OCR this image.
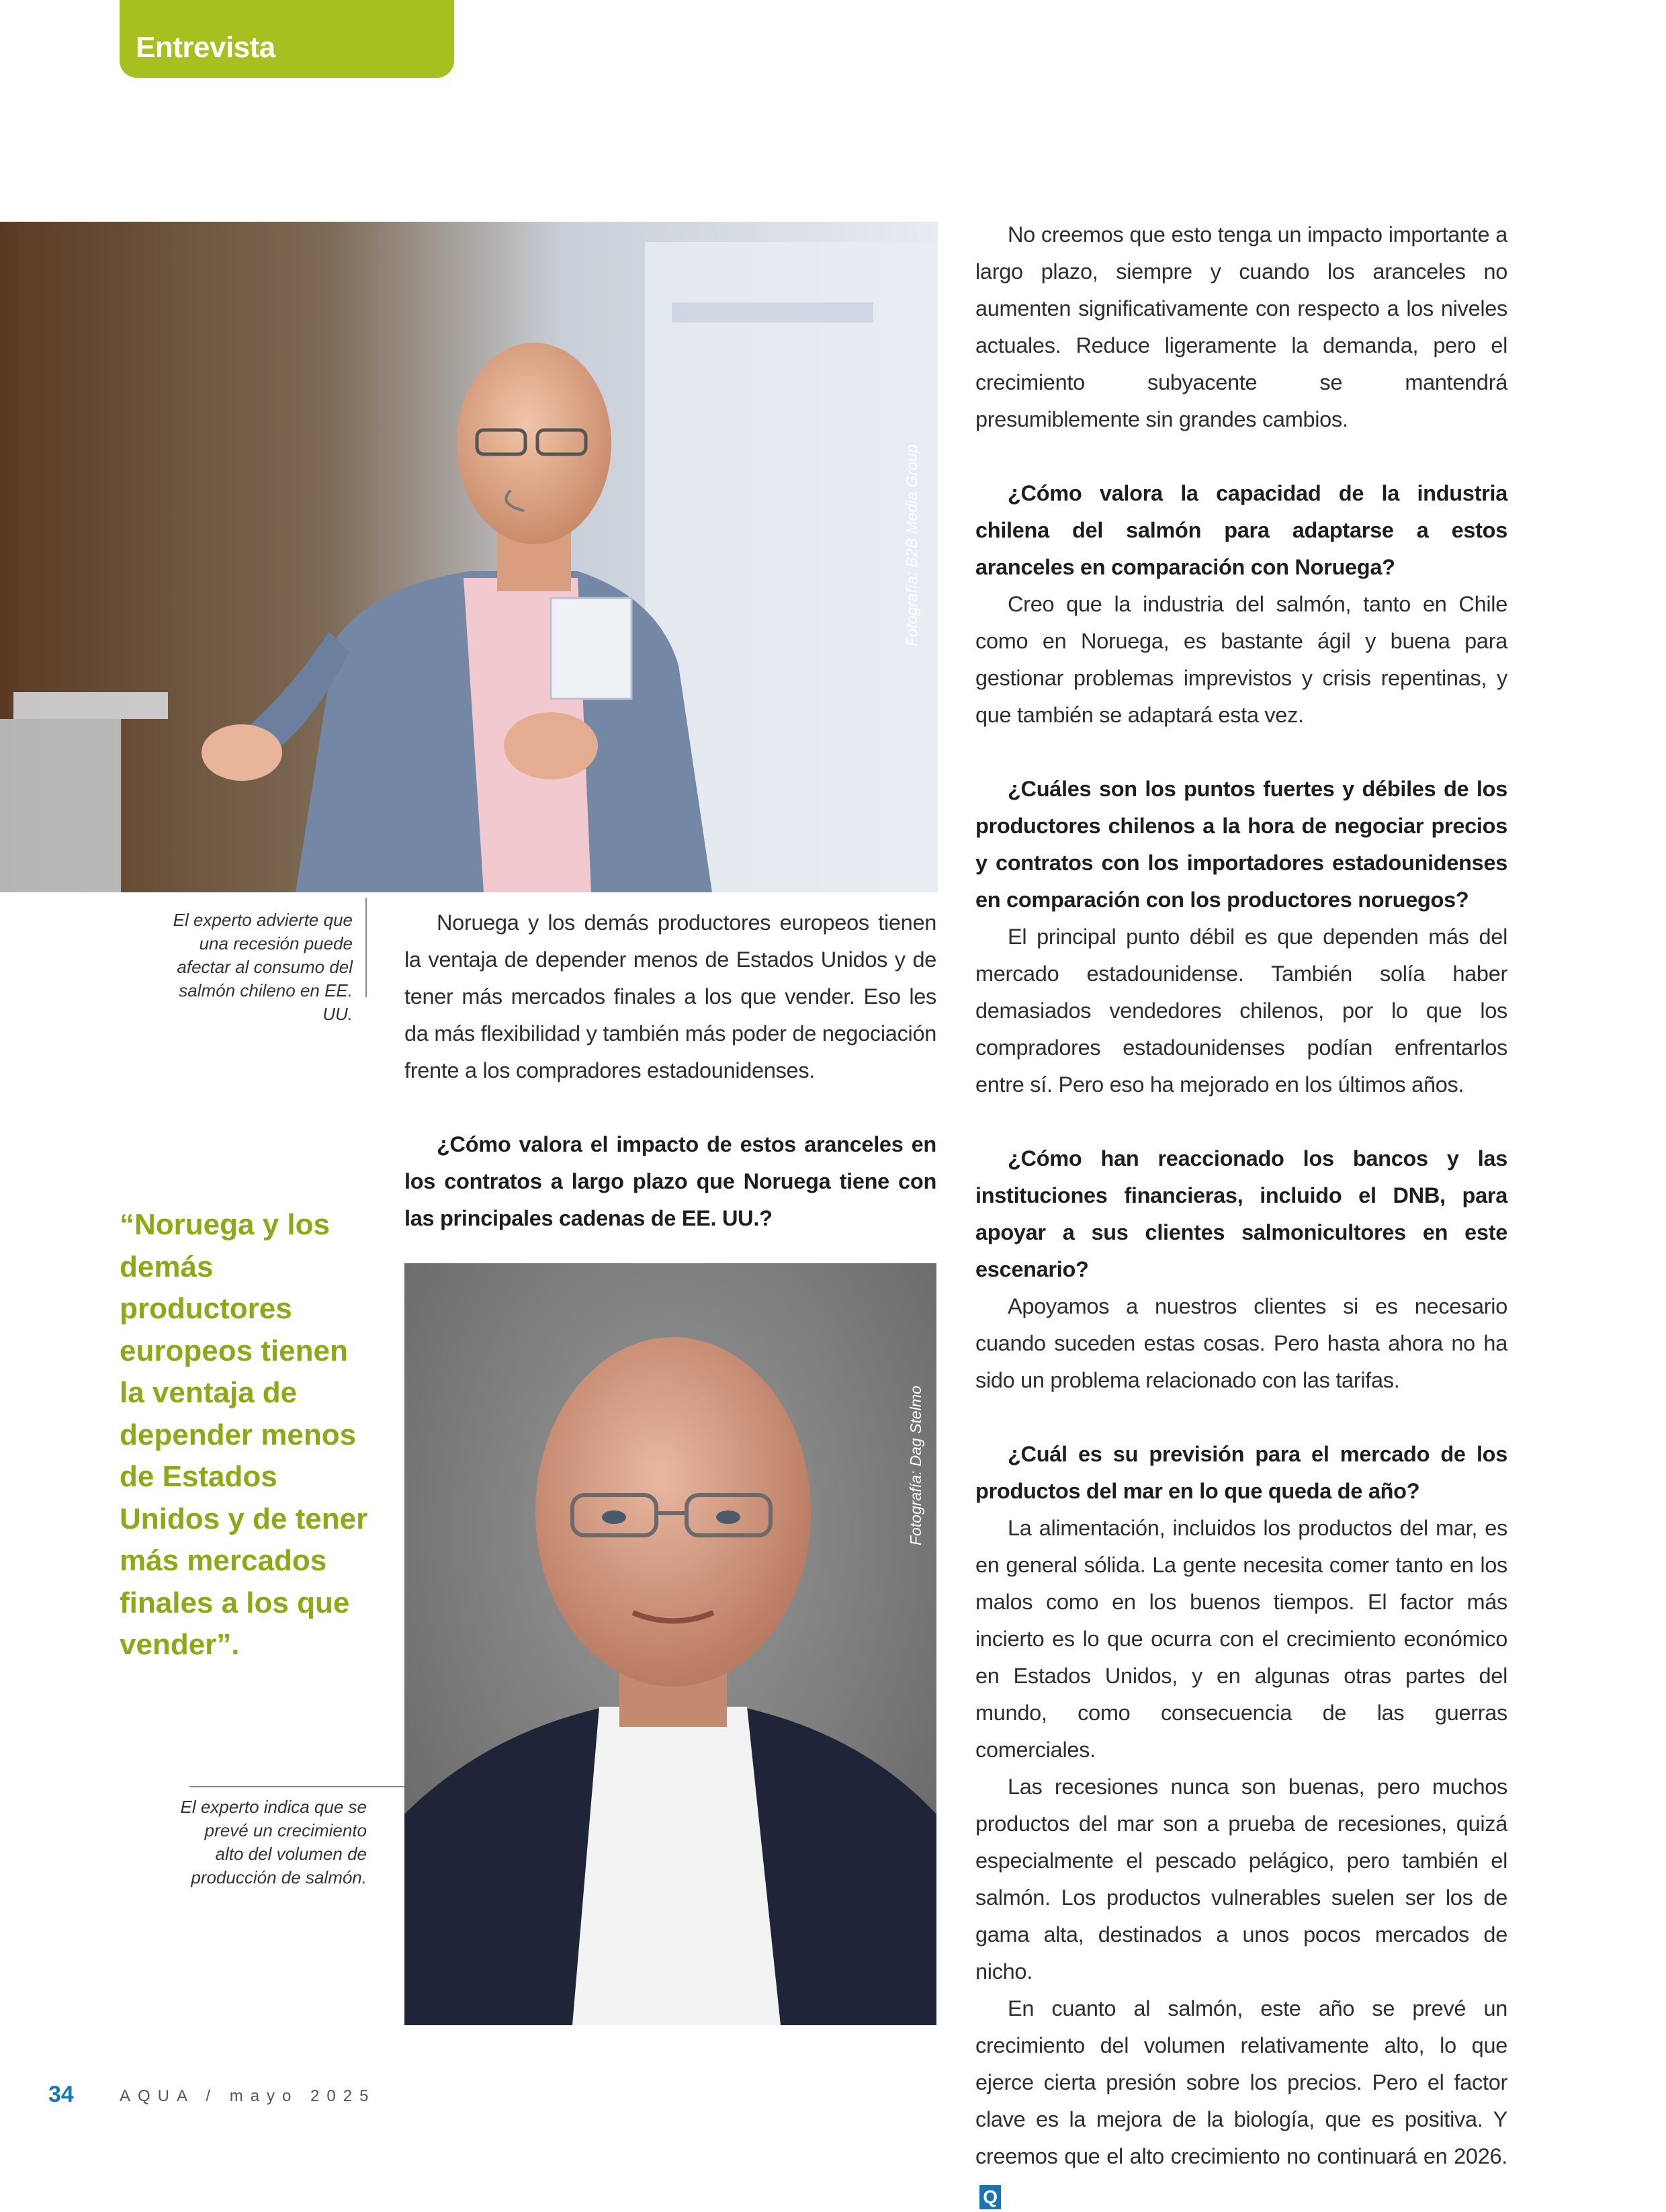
Entrevista
Fotografía: B2B Media Group
El experto advierte que una recesión puede afectar al consumo del salmón chileno en EE. UU.
“Noruega y los demás productores europeos tienen la ventaja de depender menos de Estados Unidos y de tener más mercados finales a los que vender”.

Noruega y los demás productores europeos tienen la ventaja de depender menos de Estados Unidos y de tener más mercados finales a los que vender. Eso les da más flexibilidad y también más poder de negociación frente a los compradores estadounidenses.

¿Cómo valora el impacto de estos aranceles en los contratos a largo plazo que Noruega tiene con las principales cadenas de EE. UU.?

Fotografía: Dag Stelmo
El experto indica que se prevé un crecimiento alto del volumen de producción de salmón.

No creemos que esto tenga un impacto importante a largo plazo, siempre y cuando los aranceles no aumenten significativamente con respecto a los niveles actuales. Reduce ligeramente la demanda, pero el crecimiento subyacente se mantendrá presumiblemente sin grandes cambios.

¿Cómo valora la capacidad de la industria chilena del salmón para adaptarse a estos aranceles en comparación con Noruega?

Creo que la industria del salmón, tanto en Chile como en Noruega, es bastante ágil y buena para gestionar problemas imprevistos y crisis repentinas, y que también se adaptará esta vez.

¿Cuáles son los puntos fuertes y débiles de los productores chilenos a la hora de negociar precios y contratos con los importadores estadounidenses en comparación con los productores noruegos?

El principal punto débil es que dependen más del mercado estadounidense. También solía haber demasiados vendedores chilenos, por lo que los compradores estadounidenses podían enfrentarlos entre sí. Pero eso ha mejorado en los últimos años.

¿Cómo han reaccionado los bancos y las instituciones financieras, incluido el DNB, para apoyar a sus clientes salmonicultores en este escenario?

Apoyamos a nuestros clientes si es necesario cuando suceden estas cosas. Pero hasta ahora no ha sido un problema relacionado con las tarifas.

¿Cuál es su previsión para el mercado de los productos del mar en lo que queda de año?

La alimentación, incluidos los productos del mar, es en general sólida. La gente necesita comer tanto en los malos como en los buenos tiempos. El factor más incierto es lo que ocurra con el crecimiento económico en Estados Unidos, y en algunas otras partes del mundo, como consecuencia de las guerras comerciales.

Las recesiones nunca son buenas, pero muchos productos del mar son a prueba de recesiones, quizá especialmente el pescado pelágico, pero también el salmón. Los productos vulnerables suelen ser los de gama alta, destinados a unos pocos mercados de nicho.

En cuanto al salmón, este año se prevé un crecimiento del volumen relativamente alto, lo que ejerce cierta presión sobre los precios. Pero el factor clave es la mejora de la biología, que es positiva. Y creemos que el alto crecimiento no continuará en 2026.Q

34	AQUA / mayo 2025
